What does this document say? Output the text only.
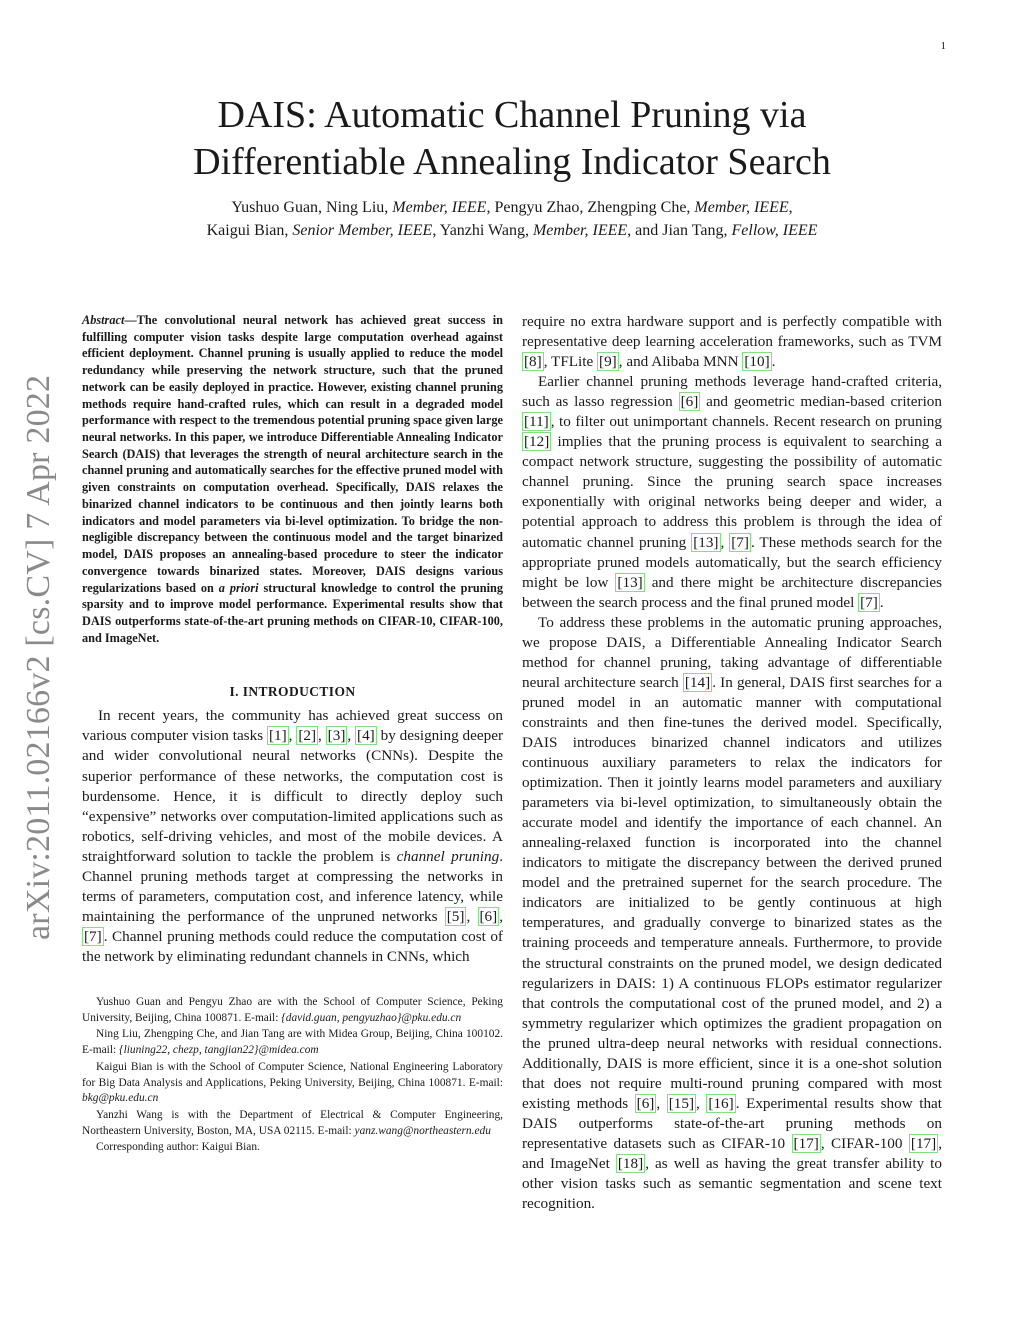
1
arXiv:2011.02166v2 [cs.CV] 7 Apr 2022
DAIS: Automatic Channel Pruning via
Differentiable Annealing Indicator Search
Yushuo Guan, Ning Liu, Member, IEEE, Pengyu Zhao, Zhengping Che, Member, IEEE,
Kaigui Bian, Senior Member, IEEE, Yanzhi Wang, Member, IEEE, and Jian Tang, Fellow, IEEE

Abstract—The convolutional neural network has achieved great success in fulfilling computer vision tasks despite large computation overhead against efficient deployment. Channel pruning is usually applied to reduce the model redundancy while preserving the network structure, such that the pruned network can be easily deployed in practice. However, existing channel pruning methods require hand-crafted rules, which can result in a degraded model performance with respect to the tremendous potential pruning space given large neural networks. In this paper, we introduce Differentiable Annealing Indicator Search (DAIS) that leverages the strength of neural architecture search in the channel pruning and automatically searches for the effective pruned model with given constraints on computation overhead. Specifically, DAIS relaxes the binarized channel indicators to be continuous and then jointly learns both indicators and model parameters via bi-level optimization. To bridge the non-negligible discrepancy between the continuous model and the target binarized model, DAIS proposes an annealing-based procedure to steer the indicator convergence towards binarized states. Moreover, DAIS designs various regularizations based on a priori structural knowledge to control the pruning sparsity and to improve model performance. Experimental results show that DAIS outperforms state-of-the-art pruning methods on CIFAR-10, CIFAR-100, and ImageNet.

I. INTRODUCTION

In recent years, the community has achieved great success on various computer vision tasks [1] , [2] , [3] , [4] by designing deeper and wider convolutional neural networks (CNNs). Despite the superior performance of these networks, the computation cost is burdensome. Hence, it is difficult to directly deploy such “expensive” networks over computation-limited applications such as robotics, self-driving vehicles, and most of the mobile devices. A straightforward solution to tackle the problem is channel pruning. Channel pruning methods target at compressing the networks in terms of parameters, computation cost, and inference latency, while maintaining the performance of the unpruned networks [5] , [6] , [7] . Channel pruning methods could reduce the computation cost of the network by eliminating redundant channels in CNNs, which

Yushuo Guan and Pengyu Zhao are with the School of Computer Science, Peking University, Beijing, China 100871. E-mail: {david.guan, pengyuzhao}@pku.edu.cn

Ning Liu, Zhengping Che, and Jian Tang are with Midea Group, Beijing, China 100102. E-mail: {liuning22, chezp, tangjian22}@midea.com

Kaigui Bian is with the School of Computer Science, National Engineering Laboratory for Big Data Analysis and Applications, Peking University, Beijing, China 100871. E-mail: bkg@pku.edu.cn

Yanzhi Wang is with the Department of Electrical & Computer Engineering, Northeastern University, Boston, MA, USA 02115. E-mail: yanz.wang@northeastern.edu

Corresponding author: Kaigui Bian.

require no extra hardware support and is perfectly compatible with representative deep learning acceleration frameworks, such as TVM [8] , TFLite [9] , and Alibaba MNN [10] .

Earlier channel pruning methods leverage hand-crafted criteria, such as lasso regression [6] and geometric median-based criterion [11] , to filter out unimportant channels. Recent research on pruning [12] implies that the pruning process is equivalent to searching a compact network structure, suggesting the possibility of automatic channel pruning. Since the pruning search space increases exponentially with original networks being deeper and wider, a potential approach to address this problem is through the idea of automatic channel pruning [13] , [7] . These methods search for the appropriate pruned models automatically, but the search efficiency might be low [13] and there might be architecture discrepancies between the search process and the final pruned model [7] .

To address these problems in the automatic pruning approaches, we propose DAIS, a Differentiable Annealing Indicator Search method for channel pruning, taking advantage of differentiable neural architecture search [14] . In general, DAIS first searches for a pruned model in an automatic manner with computational constraints and then fine-tunes the derived model. Specifically, DAIS introduces binarized channel indicators and utilizes continuous auxiliary parameters to relax the indicators for optimization. Then it jointly learns model parameters and auxiliary parameters via bi-level optimization, to simultaneously obtain the accurate model and identify the importance of each channel. An annealing-relaxed function is incorporated into the channel indicators to mitigate the discrepancy between the derived pruned model and the pretrained supernet for the search procedure. The indicators are initialized to be gently continuous at high temperatures, and gradually converge to binarized states as the training proceeds and temperature anneals. Furthermore, to provide the structural constraints on the pruned model, we design dedicated regularizers in DAIS: 1) A continuous FLOPs estimator regularizer that controls the computational cost of the pruned model, and 2) a symmetry regularizer which optimizes the gradient propagation on the pruned ultra-deep neural networks with residual connections. Additionally, DAIS is more efficient, since it is a one-shot solution that does not require multi-round pruning compared with most existing methods [6] , [15] , [16] . Experimental results show that DAIS outperforms state-of-the-art pruning methods on representative datasets such as CIFAR-10 [17] , CIFAR-100 [17] , and ImageNet [18] , as well as having the great transfer ability to other vision tasks such as semantic segmentation and scene text recognition.
